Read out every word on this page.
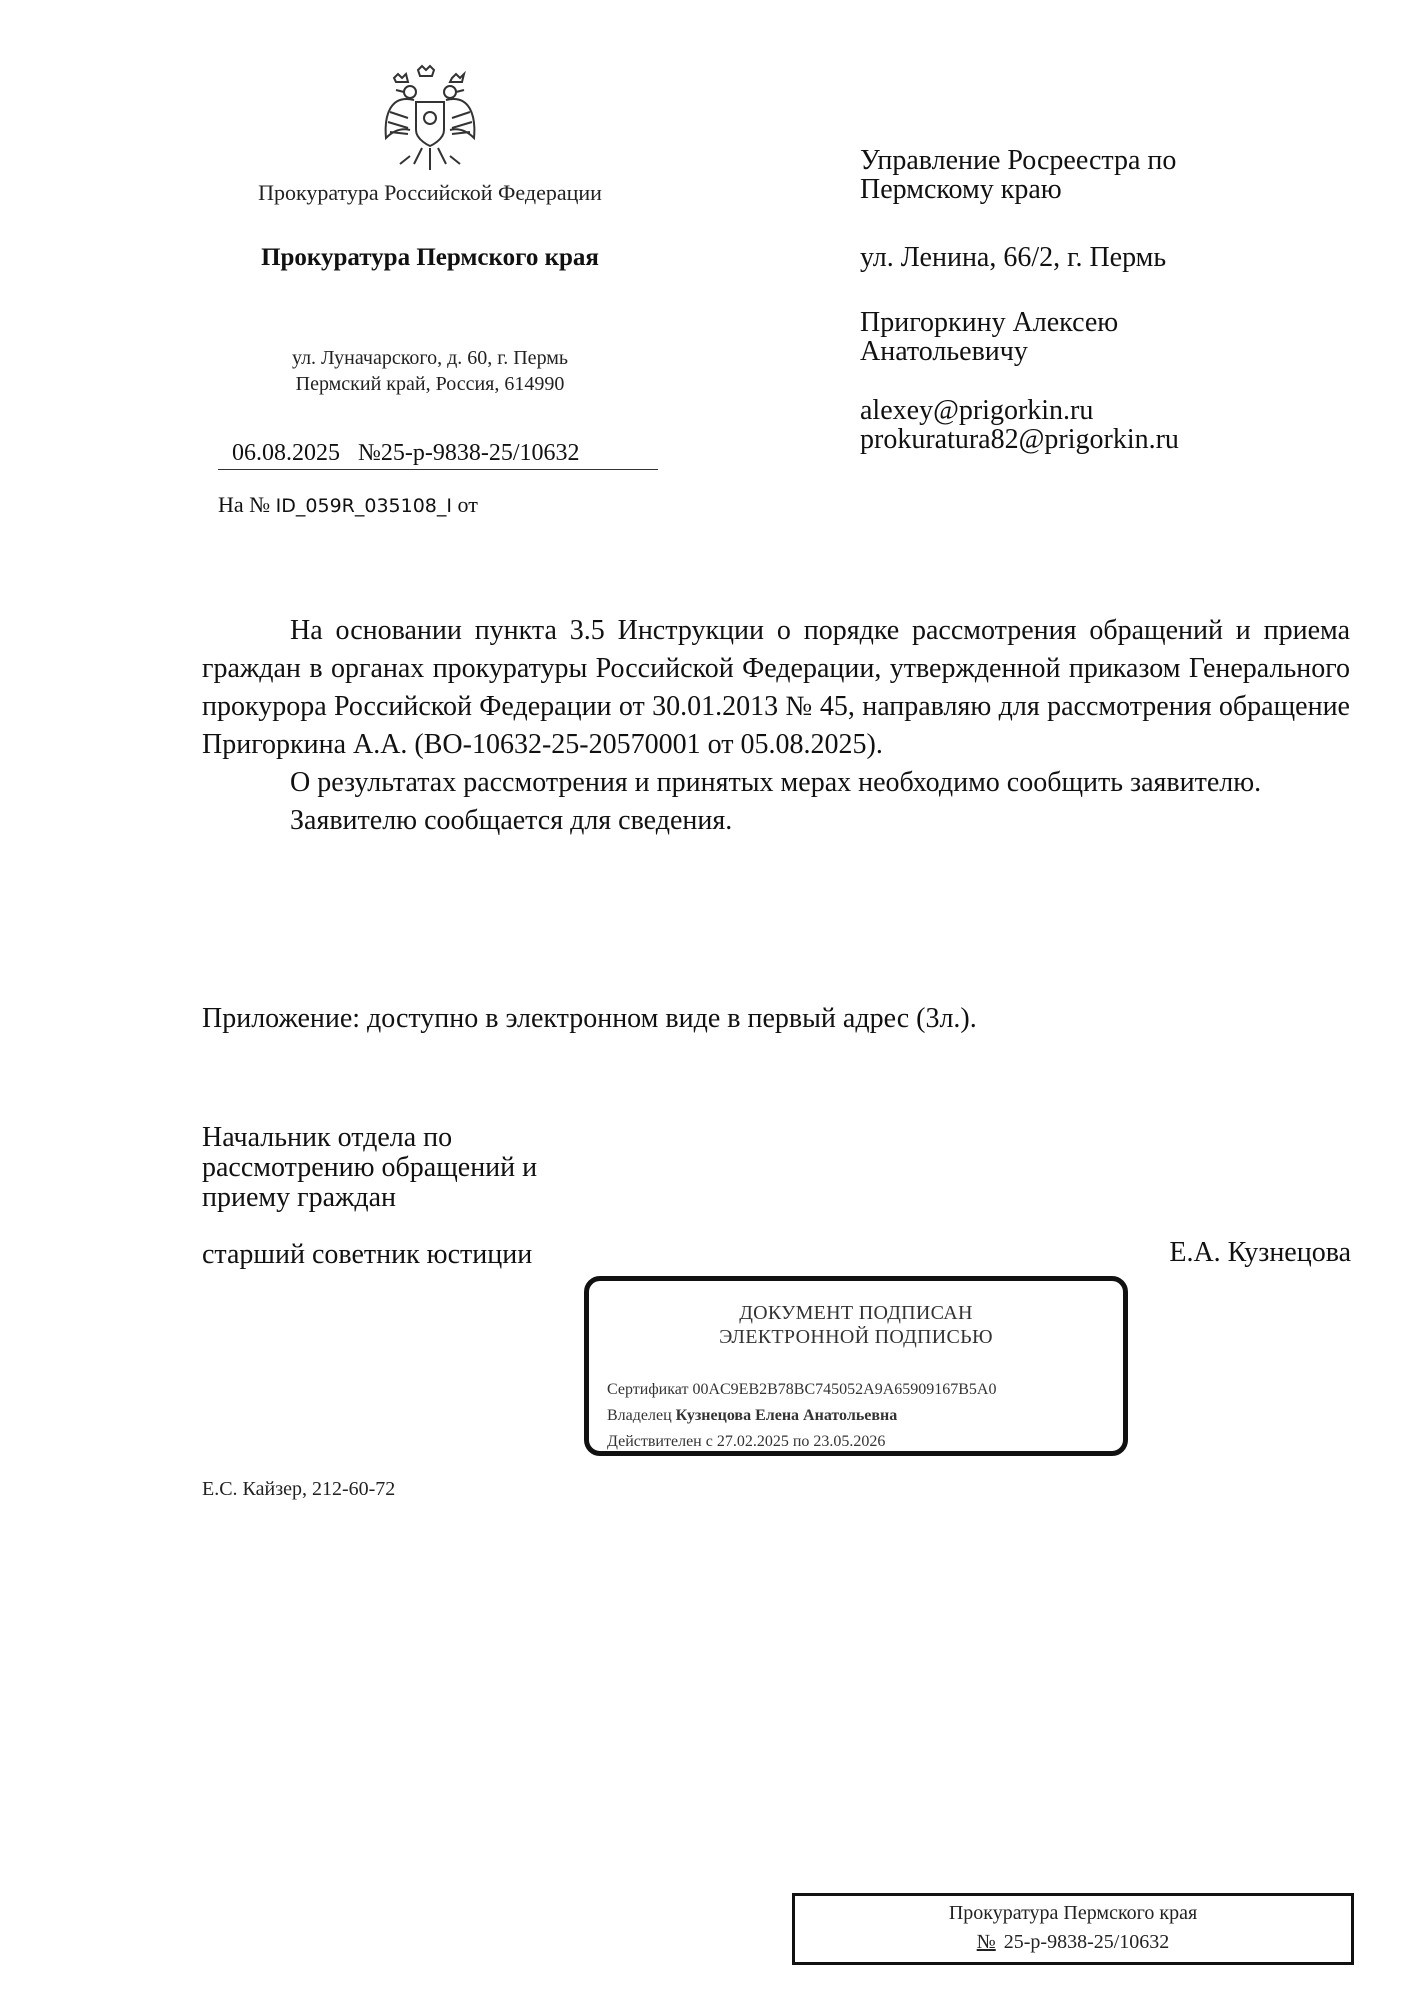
Прокуратура Российской Федерации
Прокуратура Пермского края
ул. Луначарского, д. 60, г. Пермь
Пермский край, Россия, 614990
06.08.2025 №25-р-9838-25/10632
На № ID_059R_035108_I от
Управление Росреестра по
Пермскому краю
ул. Ленина, 66/2, г. Пермь
Пригоркину Алексею
Анатольевичу
alexey@prigorkin.ru
prokuratura82@prigorkin.ru

На основании пункта 3.5 Инструкции о порядке рассмотрения обращений и приема граждан в органах прокуратуры Российской Федерации, утвержденной приказом Генерального прокурора Российской Федерации от 30.01.2013 № 45, направляю для рассмотрения обращение Пригоркина А.А. (ВО-10632-25-20570001 от 05.08.2025).

О результатах рассмотрения и принятых мерах необходимо сообщить заявителю.

Заявителю сообщается для сведения.

Приложение: доступно в электронном виде в первый адрес (3л.).
Начальник отдела по
рассмотрению обращений и
приему граждан
старший советник юстиции	Е.А. Кузнецова
ДОКУМЕНТ ПОДПИСАН
ЭЛЕКТРОННОЙ ПОДПИСЬЮ
Сертификат 00AC9EB2B78BC745052A9A65909167B5A0
Владелец Кузнецова Елена Анатольевна
Действителен с 27.02.2025 по 23.05.2026
Е.С. Кайзер, 212-60-72
Прокуратура Пермского края
№ 25-р-9838-25/10632
